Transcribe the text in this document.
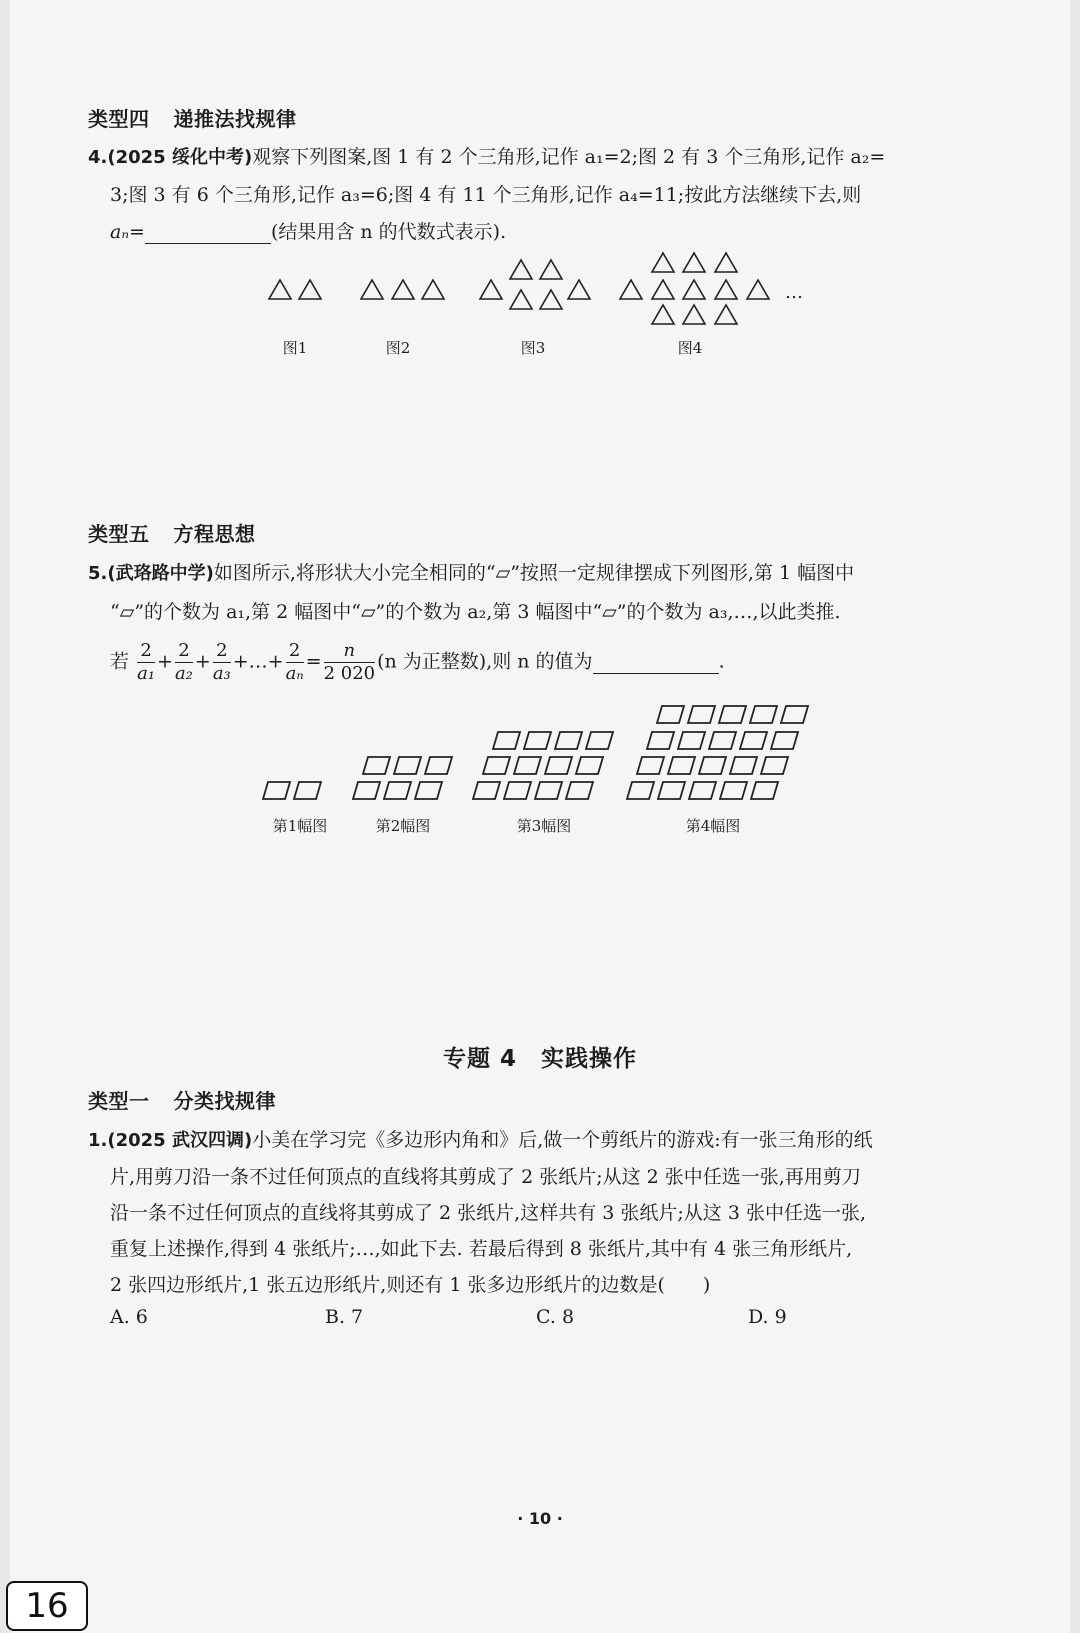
类型四 递推法找规律
4.(2025 绥化中考)观察下列图案,图 1 有 2 个三角形,记作 a₁=2;图 2 有 3 个三角形,记作 a₂=
3;图 3 有 6 个三角形,记作 a₃=6;图 4 有 11 个三角形,记作 a₄=11;按此方法继续下去,则
aₙ=	(结果用含 n 的代数式表示).
图1	图2	图3	图4
…
类型五 方程思想
5.(武珞路中学)如图所示,将形状大小完全相同的“▱”按照一定规律摆成下列图形,第 1 幅图中
“▱”的个数为 a₁,第 2 幅图中“▱”的个数为 a₂,第 3 幅图中“▱”的个数为 a₃,…,以此类推.
若 $\frac{2}{\text{a₁}} + \frac{2}{\text{a₂}} + \frac{2}{\text{a₃}}$ +…+ $\frac{2}{\text{aₙ}} = \frac{n}{2 020} (n$ 为正整数),则 n 的值为	.
第1幅图	第2幅图	第3幅图	第4幅图
专题 4　实践操作
类型一 分类找规律
1.(2025 武汉四调)小美在学习完《多边形内角和》后,做一个剪纸片的游戏:有一张三角形的纸
片,用剪刀沿一条不过任何顶点的直线将其剪成了 2 张纸片;从这 2 张中任选一张,再用剪刀
沿一条不过任何顶点的直线将其剪成了 2 张纸片,这样共有 3 张纸片;从这 3 张中任选一张,
重复上述操作,得到 4 张纸片;…,如此下去. 若最后得到 8 张纸片,其中有 4 张三角形纸片,
2 张四边形纸片,1 张五边形纸片,则还有 1 张多边形纸片的边数是(　　)
A. 6	B. 7	C. 8	D. 9
· 10 ·
16
